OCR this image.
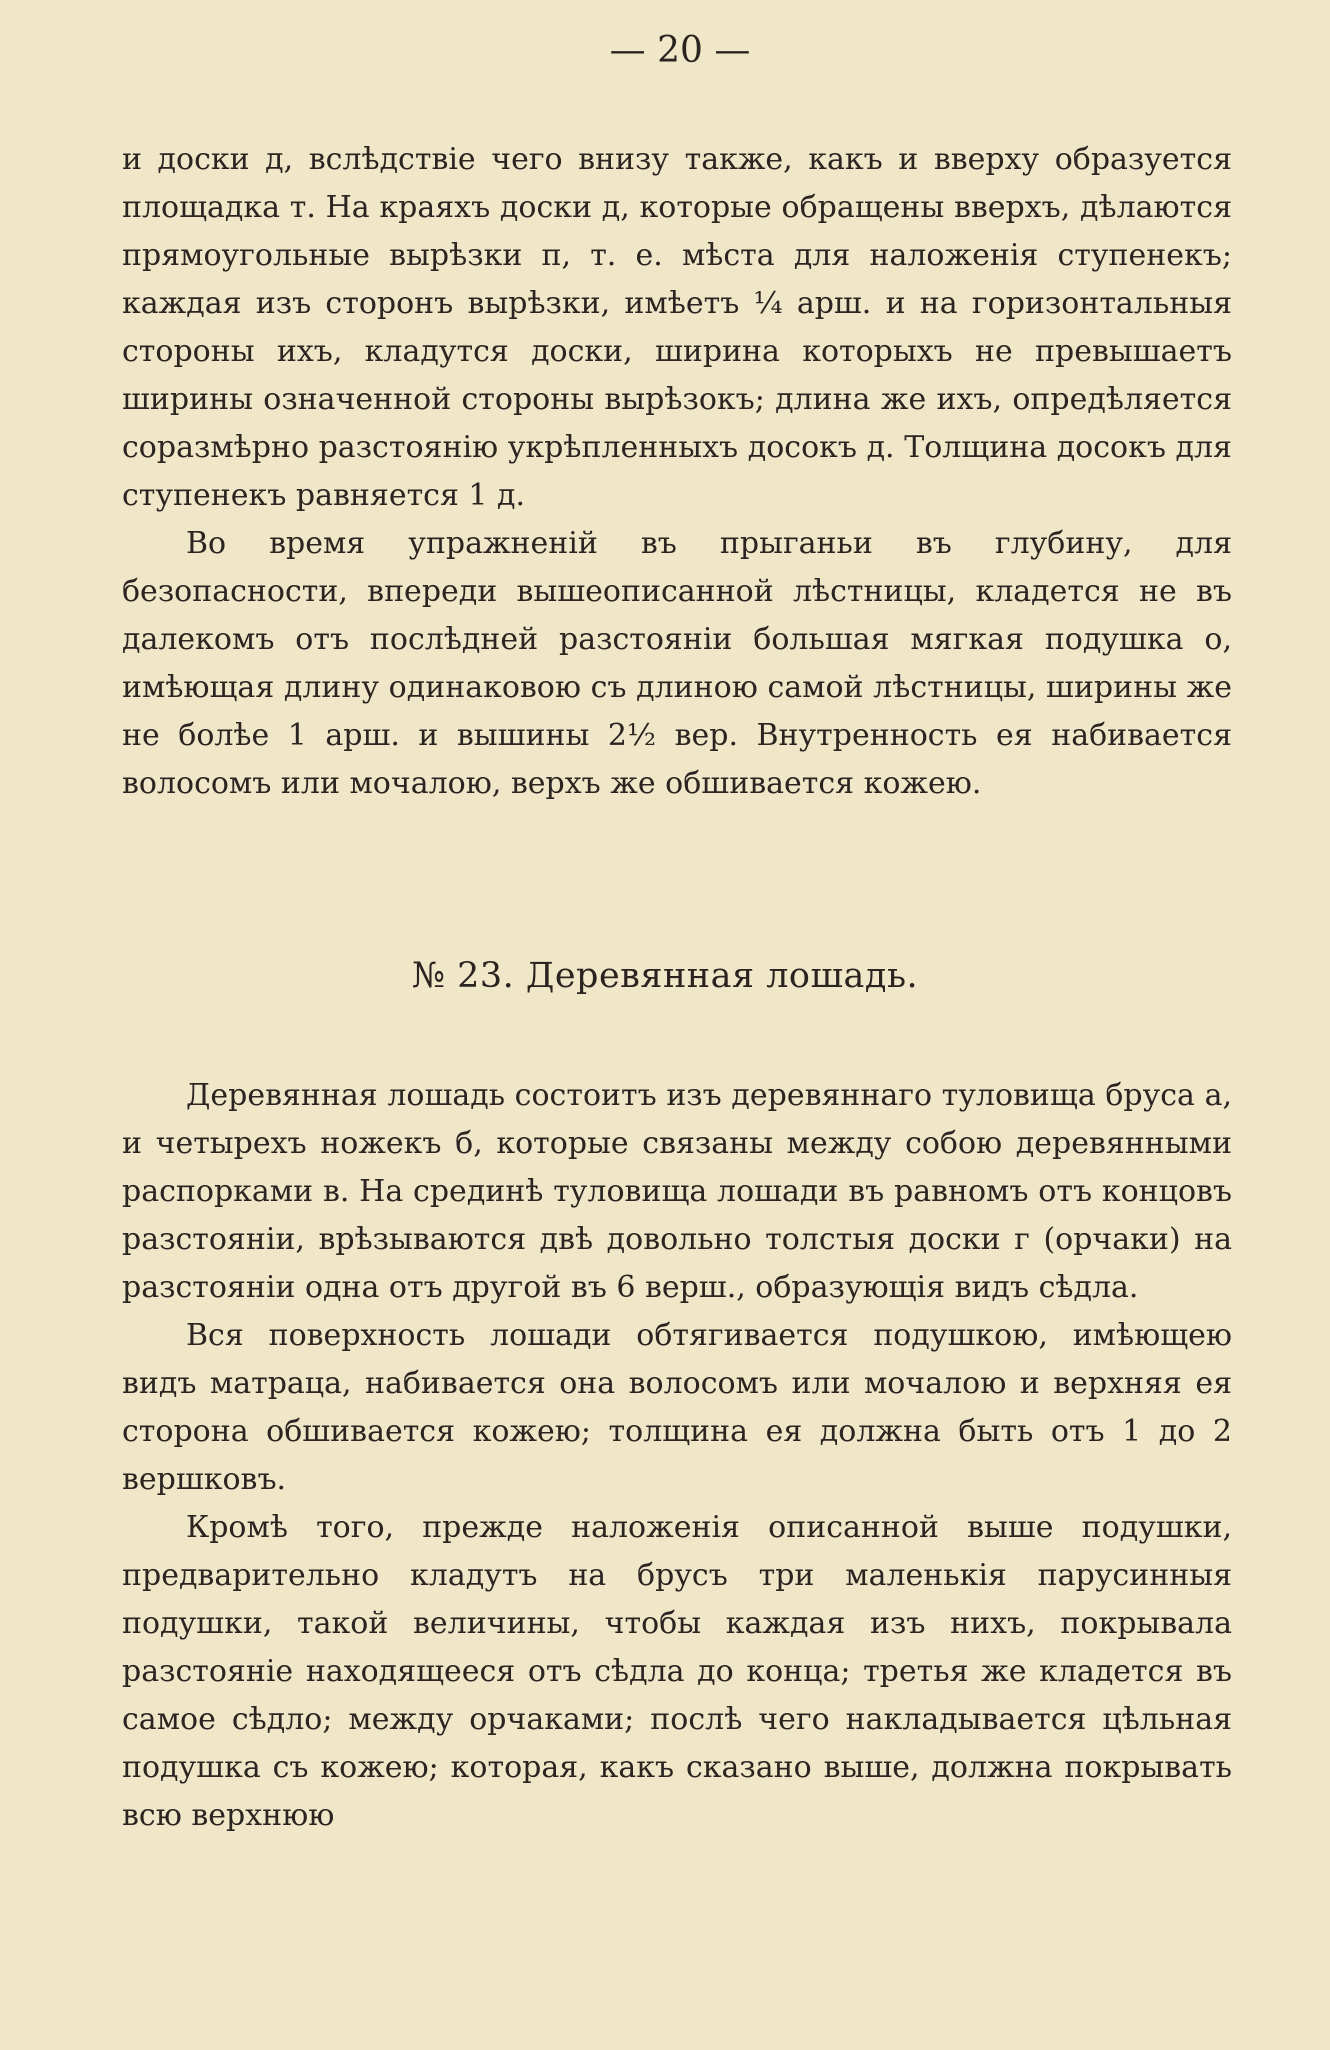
— 20 —

и доски д, вслѣдствіе чего внизу также, какъ и вверху образуется площадка т. На краяхъ доски д, которые обращены вверхъ, дѣлаются прямоугольные вырѣзки п, т. е. мѣста для наложенія ступенекъ; каждая изъ сторонъ вырѣзки, имѣетъ ¼ арш. и на горизонтальныя стороны ихъ, кладутся доски, ширина которыхъ не превышаетъ ширины означенной стороны вырѣзокъ; длина же ихъ, опредѣляется соразмѣрно разстоянію укрѣпленныхъ досокъ д. Толщина досокъ для ступенекъ равняется 1 д.

Во время упражненій въ прыганьи въ глубину, для безопасности, впереди вышеописанной лѣстницы, кладется не въ далекомъ отъ послѣдней разстояніи большая мягкая подушка о, имѣющая длину одинаковою съ длиною самой лѣстницы, ширины же не болѣе 1 арш. и вышины 2½ вер. Внутренность ея набивается волосомъ или мочалою, верхъ же обшивается кожею.

№ 23. Деревянная лошадь.

Деревянная лошадь состоитъ изъ деревяннаго туловища бруса а, и четырехъ ножекъ б, которые связаны между собою деревянными распорками в. На срединѣ туловища лошади въ равномъ отъ концовъ разстояніи, врѣзываются двѣ довольно толстыя доски г (орчаки) на разстояніи одна отъ другой въ 6 верш., образующія видъ сѣдла.

Вся поверхность лошади обтягивается подушкою, имѣющею видъ матраца, набивается она волосомъ или мочалою и верхняя ея сторона обшивается кожею; толщина ея должна быть отъ 1 до 2 вершковъ.

Кромѣ того, прежде наложенія описанной выше подушки, предварительно кладутъ на брусъ три маленькія парусинныя подушки, такой величины, чтобы каждая изъ нихъ, покрывала разстояніе находящееся отъ сѣдла до конца; третья же кладется въ самое сѣдло; между орчаками; послѣ чего накладывается цѣльная подушка съ кожею; которая, какъ сказано выше, должна покрывать всю верхнюю
